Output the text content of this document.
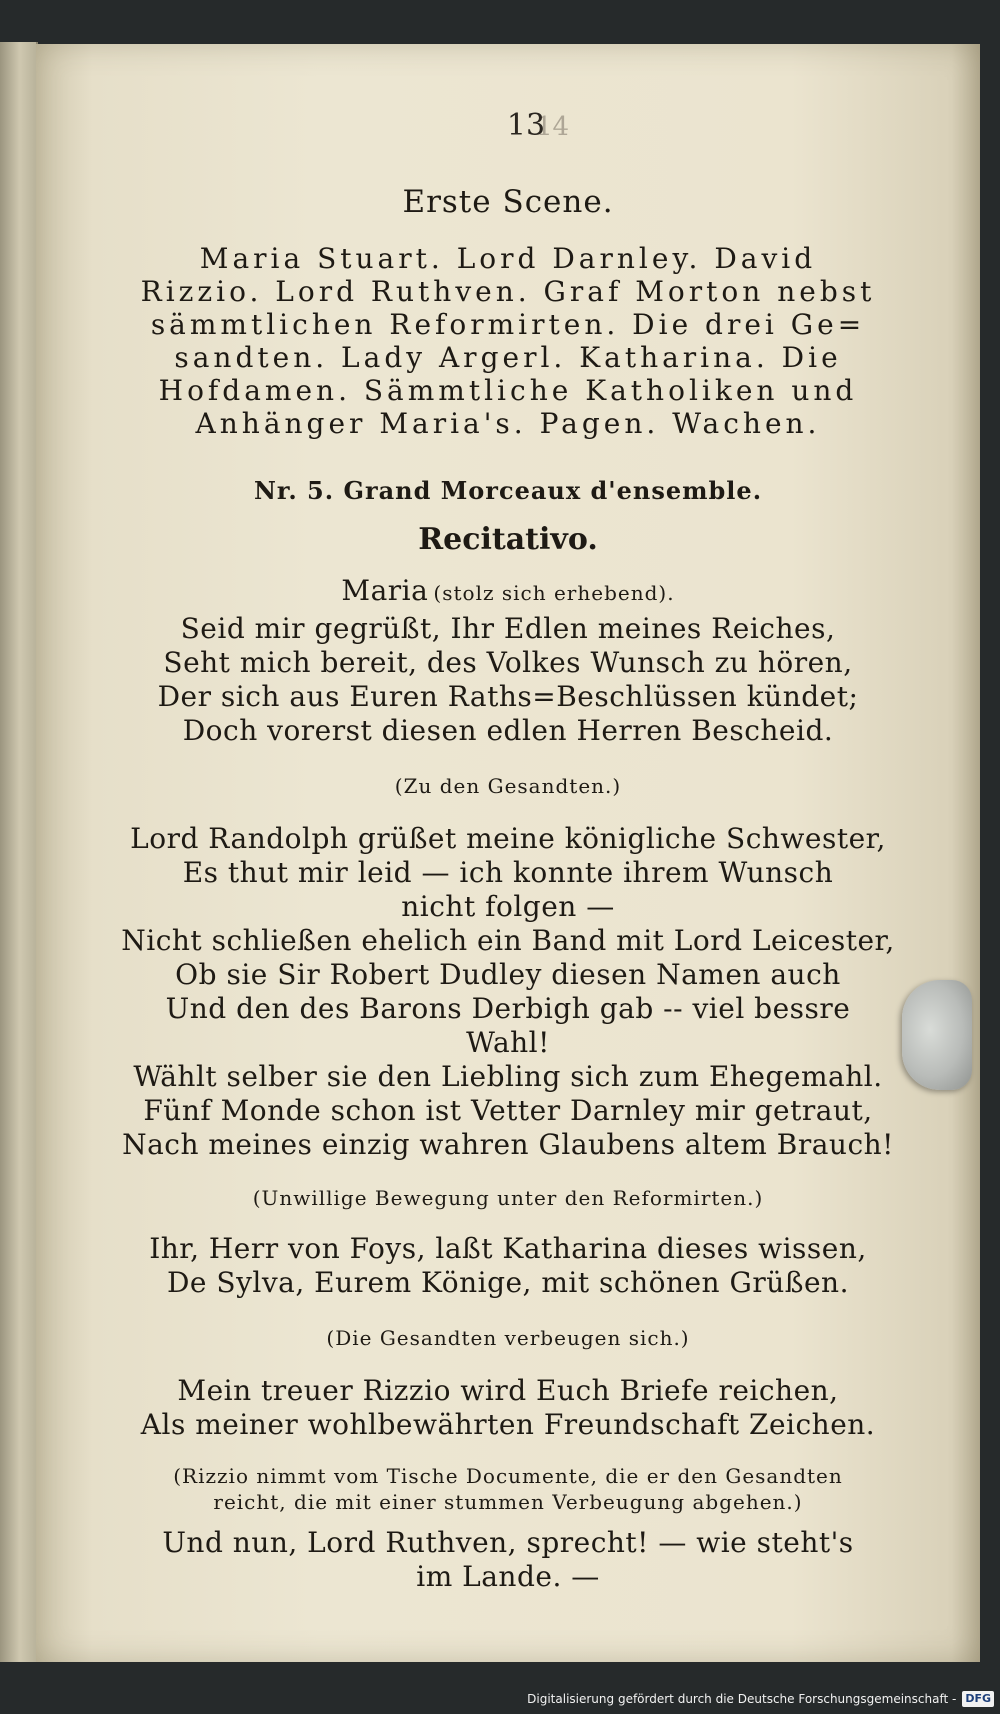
13
14
Erste Scene.
Maria Stuart. Lord Darnley. David
Rizzio. Lord Ruthven. Graf Morton nebst
sämmtlichen Reformirten. Die drei Ge=
sandten. Lady Argerl. Katharina. Die
Hofdamen. Sämmtliche Katholiken und
Anhänger Maria's. Pagen. Wachen.
Nr. 5. Grand Morceaux d'ensemble.
Recitativo.
Maria (stolz sich erhebend).
Seid mir gegrüßt, Ihr Edlen meines Reiches,
Seht mich bereit, des Volkes Wunsch zu hören,
Der sich aus Euren Raths=Beschlüssen kündet;
Doch vorerst diesen edlen Herren Bescheid.
(Zu den Gesandten.)
Lord Randolph grüßet meine königliche Schwester,
Es thut mir leid — ich konnte ihrem Wunsch
nicht folgen —
Nicht schließen ehelich ein Band mit Lord Leicester,
Ob sie Sir Robert Dudley diesen Namen auch
Und den des Barons Derbigh gab -- viel bessre
Wahl!
Wählt selber sie den Liebling sich zum Ehegemahl.
Fünf Monde schon ist Vetter Darnley mir getraut,
Nach meines einzig wahren Glaubens altem Brauch!
(Unwillige Bewegung unter den Reformirten.)
Ihr, Herr von Foys, laßt Katharina dieses wissen,
De Sylva, Eurem Könige, mit schönen Grüßen.
(Die Gesandten verbeugen sich.)
Mein treuer Rizzio wird Euch Briefe reichen,
Als meiner wohlbewährten Freundschaft Zeichen.
(Rizzio nimmt vom Tische Documente, die er den Gesandten
reicht, die mit einer stummen Verbeugung abgehen.)
Und nun, Lord Ruthven, sprecht! — wie steht's
im Lande. —
Digitalisierung gefördert durch die Deutsche Forschungsgemeinschaft - DFG
